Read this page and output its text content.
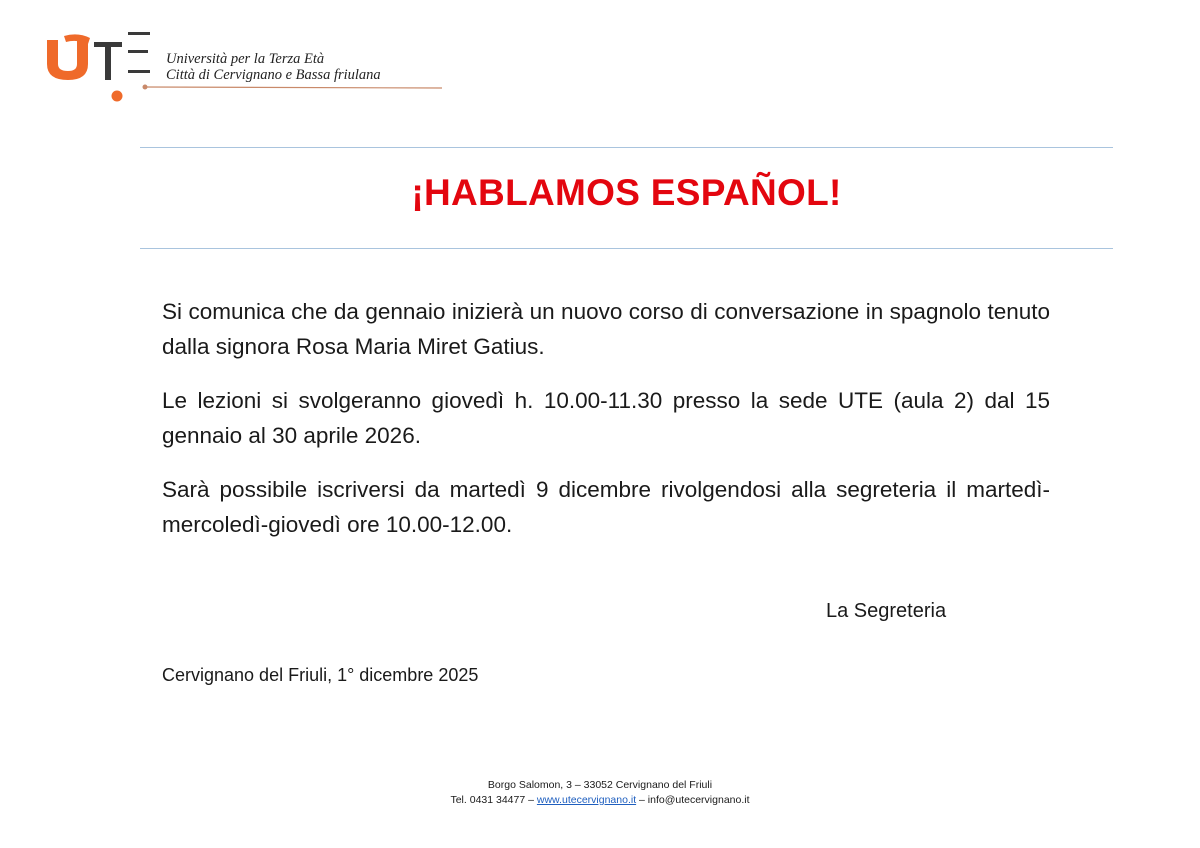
Università per la Terza Età
Città di Cervignano e Bassa friulana
¡HABLAMOS ESPAÑOL!

Si comunica che da gennaio inizierà un nuovo corso di conversazione in spagnolo tenuto dalla signora Rosa Maria Miret Gatius.

Le lezioni si svolgeranno giovedì h. 10.00-11.30 presso la sede UTE (aula 2) dal 15 gennaio al 30 aprile 2026.

Sarà possibile iscriversi da martedì 9 dicembre rivolgendosi alla segreteria il martedì-mercoledì-giovedì ore 10.00-12.00.

La Segreteria
Cervignano del Friuli, 1° dicembre 2025
Borgo Salomon, 3 – 33052 Cervignano del Friuli
Tel. 0431 34477 – www.utecervignano.it – info@utecervignano.it
